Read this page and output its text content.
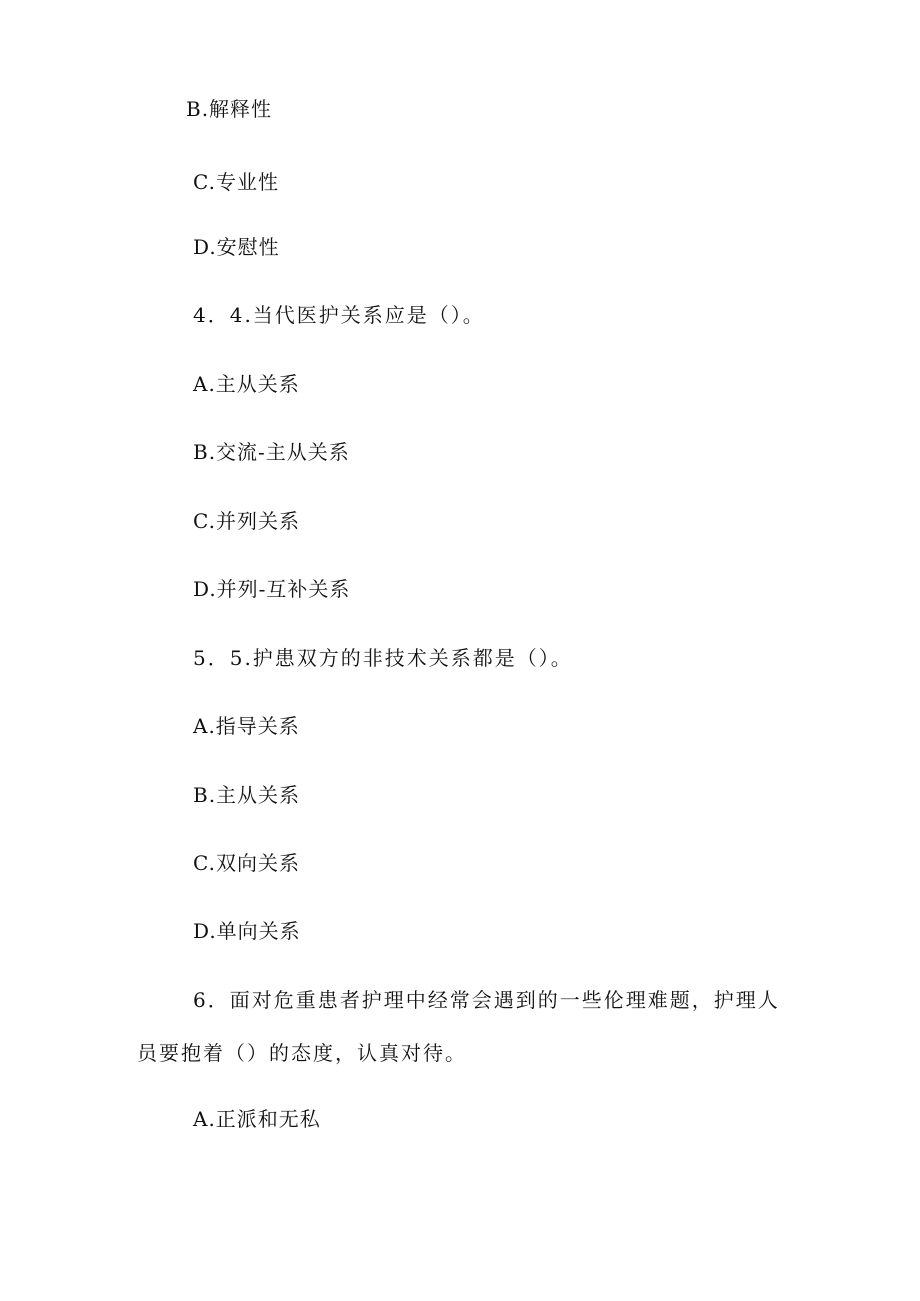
B.解释性
C.专业性
D.安慰性
4．4.当代医护关系应是（）。
A.主从关系
B.交流-主从关系
C.并列关系
D.并列-互补关系
5．5.护患双方的非技术关系都是（）。
A.指导关系
B.主从关系
C.双向关系
D.单向关系
6．面对危重患者护理中经常会遇到的一些伦理难题，护理人
员要抱着（）的态度，认真对待。
A.正派和无私
